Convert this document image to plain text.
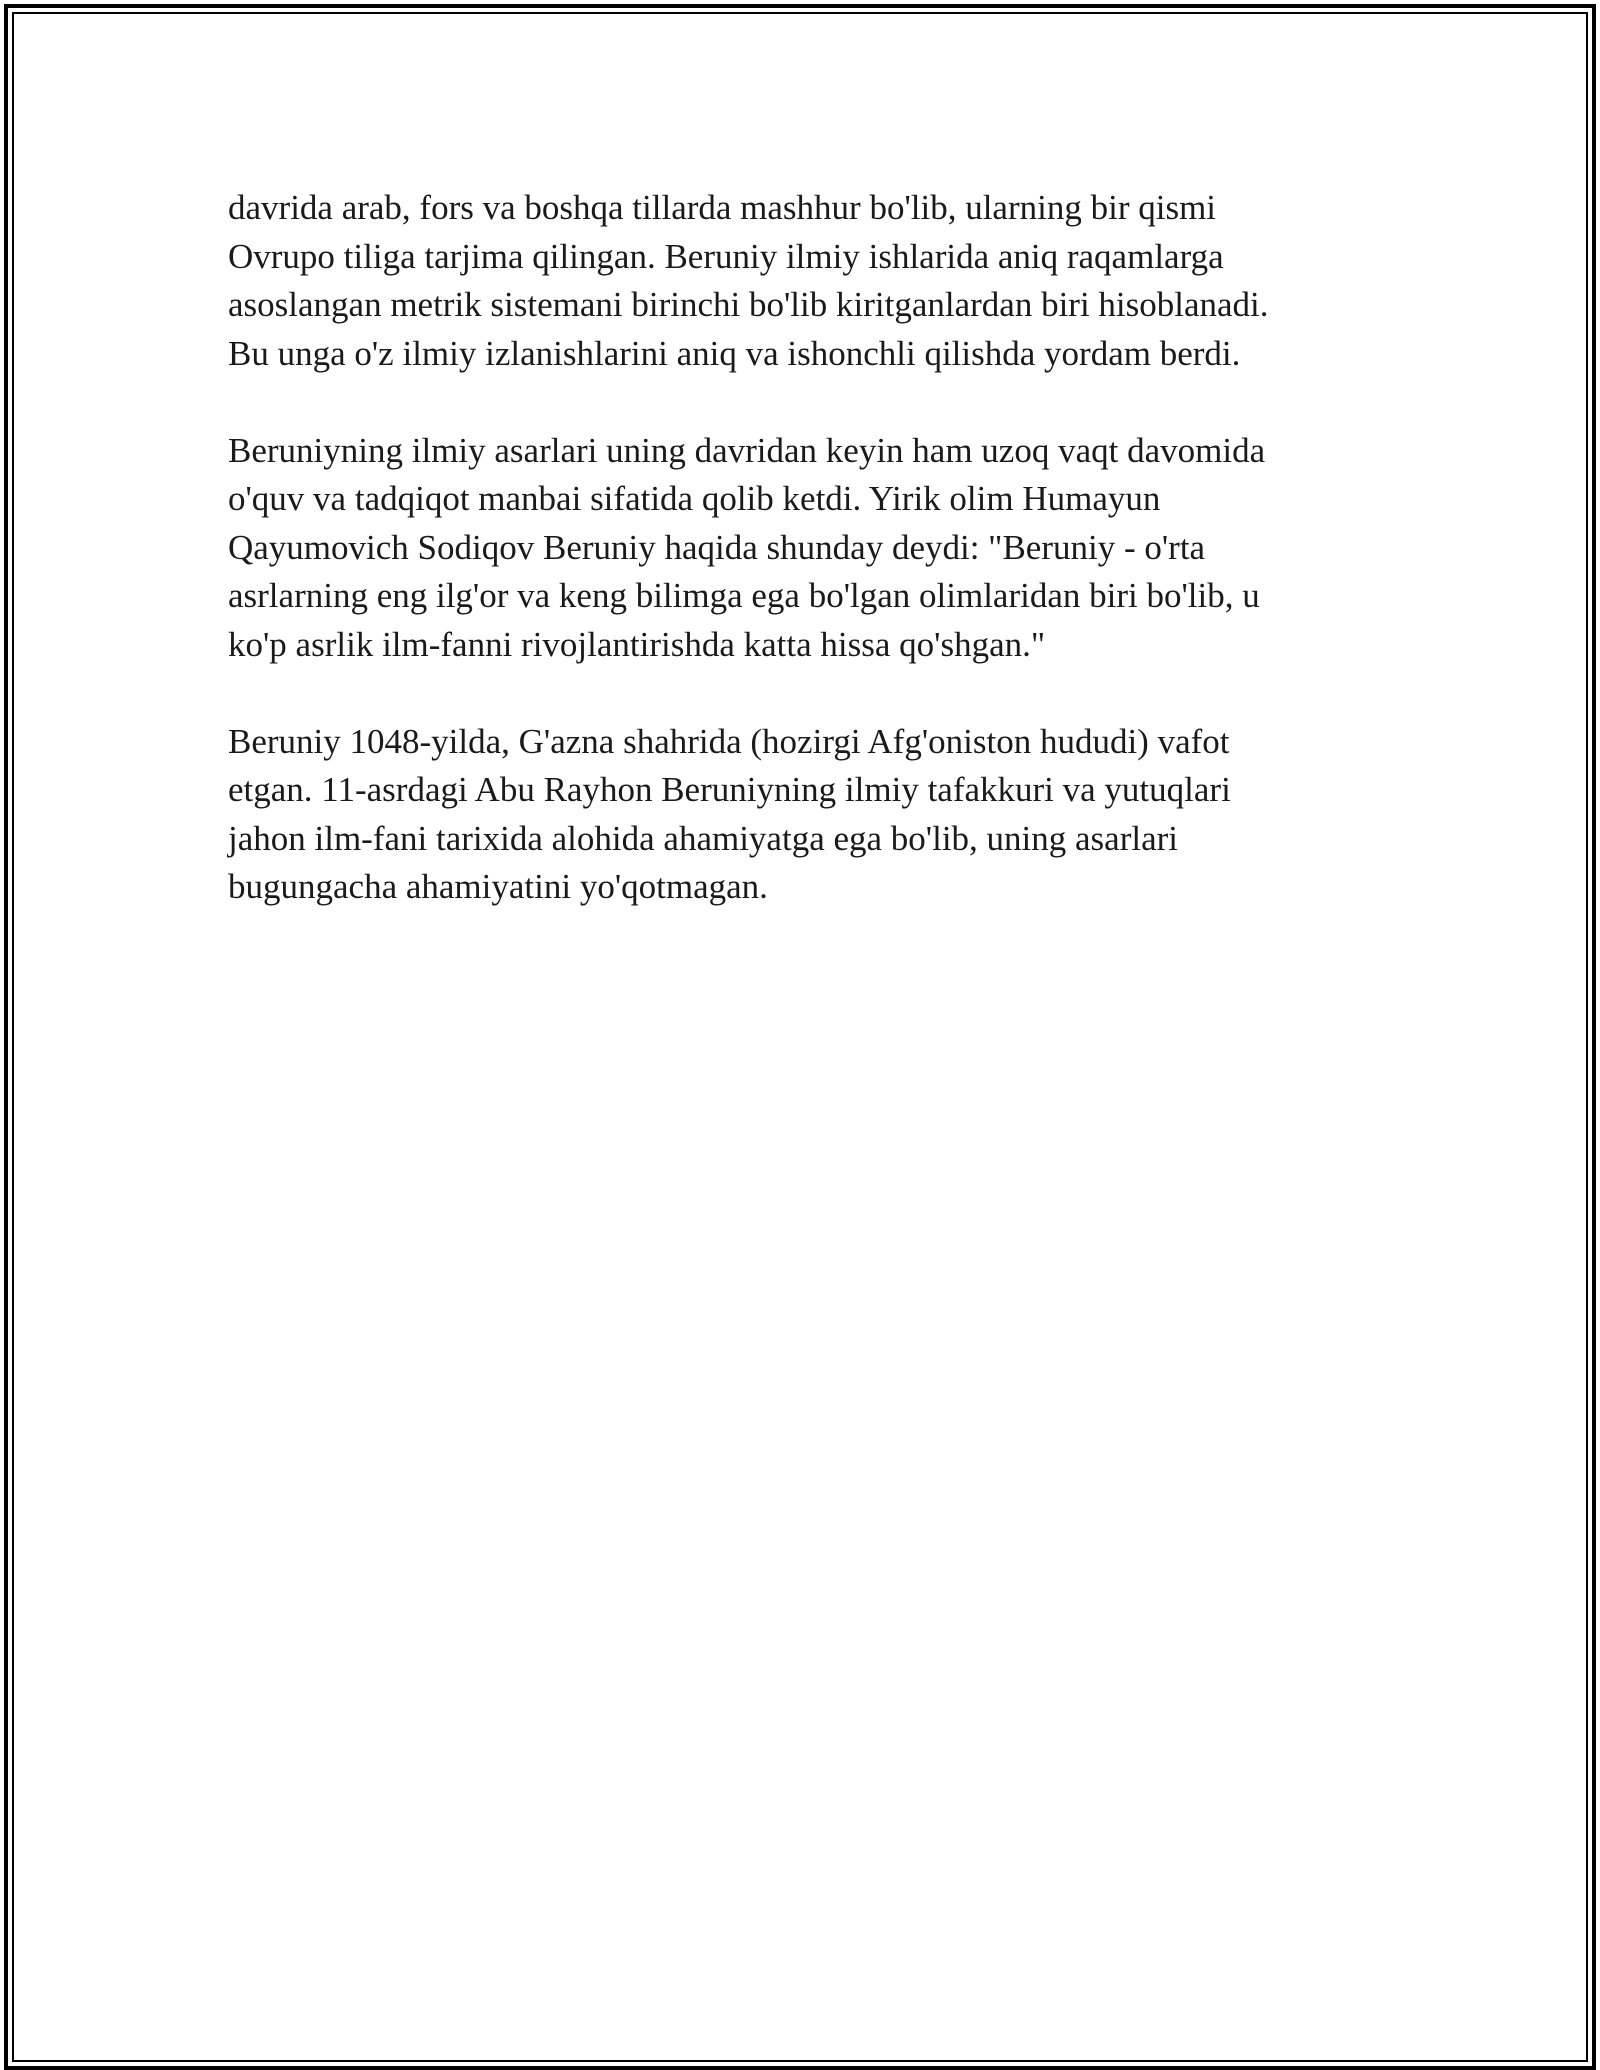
davrida arab, fors va boshqa tillarda mashhur bo'lib, ularning bir qismi
Ovrupo tiliga tarjima qilingan. Beruniy ilmiy ishlarida aniq raqamlarga
asoslangan metrik sistemani birinchi bo'lib kiritganlardan biri hisoblanadi.
Bu unga o'z ilmiy izlanishlarini aniq va ishonchli qilishda yordam berdi.

Beruniyning ilmiy asarlari uning davridan keyin ham uzoq vaqt davomida
o'quv va tadqiqot manbai sifatida qolib ketdi. Yirik olim Humayun
Qayumovich Sodiqov Beruniy haqida shunday deydi: "Beruniy - o'rta
asrlarning eng ilg'or va keng bilimga ega bo'lgan olimlaridan biri bo'lib, u
ko'p asrlik ilm-fanni rivojlantirishda katta hissa qo'shgan."

Beruniy 1048-yilda, G'azna shahrida (hozirgi Afg'oniston hududi) vafot
etgan. 11-asrdagi Abu Rayhon Beruniyning ilmiy tafakkuri va yutuqlari
jahon ilm-fani tarixida alohida ahamiyatga ega bo'lib, uning asarlari
bugungacha ahamiyatini yo'qotmagan.
